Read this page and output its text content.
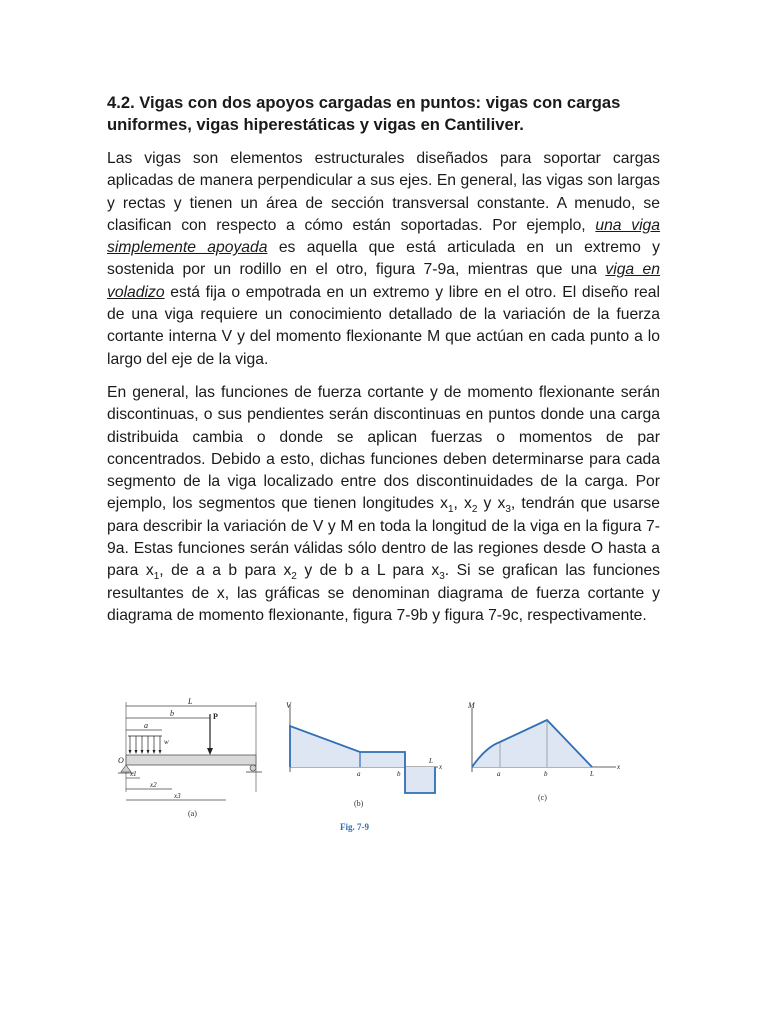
4.2. Vigas con dos apoyos cargadas en puntos: vigas con cargas uniformes, vigas hiperestáticas y vigas en Cantiliver.

Las vigas son elementos estructurales diseñados para soportar cargas aplicadas de manera perpendicular a sus ejes. En general, las vigas son largas y rectas y tienen un área de sección transversal constante. A menudo, se clasifican con respecto a cómo están soportadas. Por ejemplo, una viga simplemente apoyada es aquella que está articulada en un extremo y sostenida por un rodillo en el otro, figura 7-9a, mientras que una viga en voladizo está fija o empotrada en un extremo y libre en el otro. El diseño real de una viga requiere un conocimiento detallado de la variación de la fuerza cortante interna V y del momento flexionante M que actúan en cada punto a lo largo del eje de la viga.

En general, las funciones de fuerza cortante y de momento flexionante serán discontinuas, o sus pendientes serán discontinuas en puntos donde una carga distribuida cambia o donde se aplican fuerzas o momentos de par concentrados. Debido a esto, dichas funciones deben determinarse para cada segmento de la viga localizado entre dos discontinuidades de la carga. Por ejemplo, los segmentos que tienen longitudes $x_1$, $x_2$ y $x_3$, tendrán que usarse para describir la variación de V y M en toda la longitud de la viga en la figura 7-9a. Estas funciones serán válidas sólo dentro de las regiones desde O hasta a para $x_1$, de a a b para $x_2$ y de b a L para $x_3$. Si se grafican las funciones resultantes de x, las gráficas se denominan diagrama de fuerza cortante y diagrama de momento flexionante, figura 7-9b y figura 7-9c, respectivamente.

L
b
a
w
P
O
x1
x2
x3
(a)
V
a	b
L
x
(b)
M
a	b	L
x
(c)
Fig. 7-9
